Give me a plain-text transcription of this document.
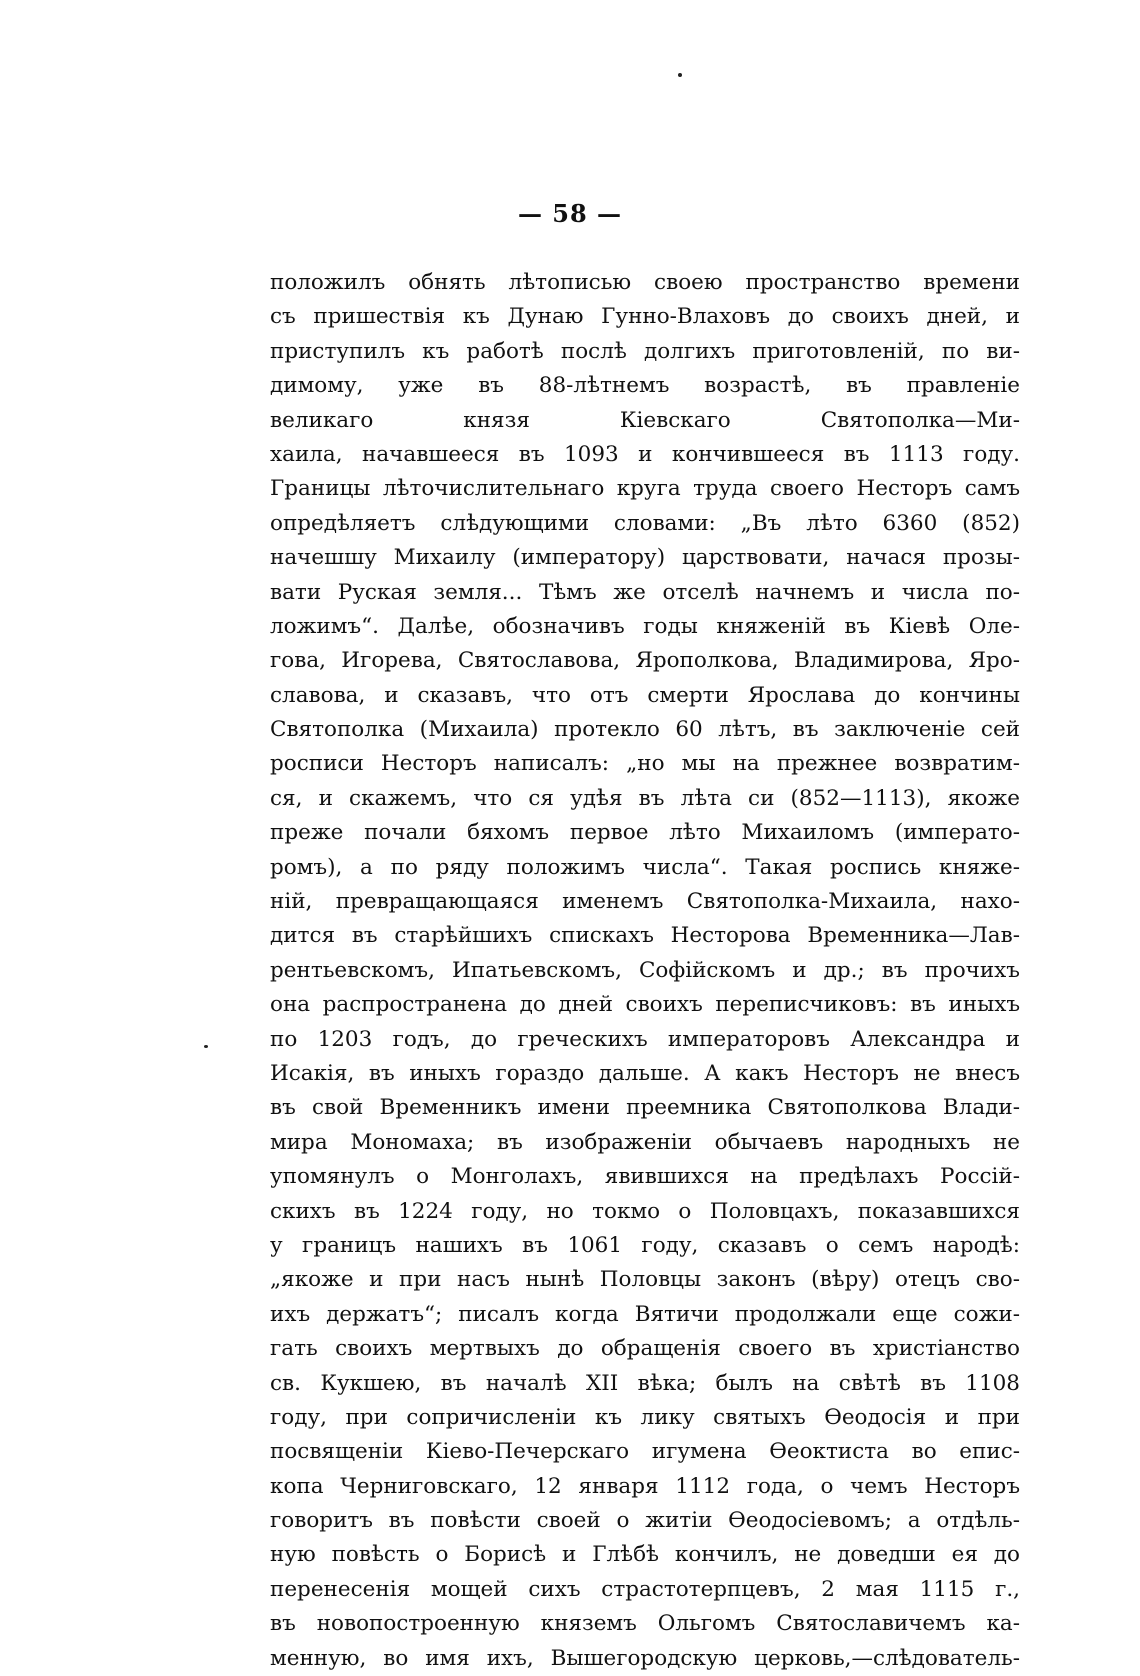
— 58 —
положилъ обнять лѣтописью своею пространство времени
съ пришествія къ Дунаю Гунно-Влаховъ до своихъ дней, и
приступилъ къ работѣ послѣ долгихъ приготовленій, по ви-
димому, уже въ 88-лѣтнемъ возрастѣ, въ правленіе
великаго князя Кіевскаго Святополка—Ми-
хаила, начавшееся въ 1093 и кончившееся въ 1113 году.
Границы лѣточислительнаго круга труда своего Несторъ самъ
опредѣляетъ слѣдующими словами: „Въ лѣто 6360 (852)
начешшу Михаилу (императору) царствовати, начася прозы-
вати Руская земля... Тѣмъ же отселѣ начнемъ и числа по-
ложимъ“. Далѣе, обозначивъ годы княженій въ Кіевѣ Оле-
гова, Игорева, Святославова, Ярополкова, Владимирова, Яро-
славова, и сказавъ, что отъ смерти Ярослава до кончины
Святополка (Михаила) протекло 60 лѣтъ, въ заключеніе сей
росписи Несторъ написалъ: „но мы на прежнее возвратим-
ся, и скажемъ, что ся удѣя въ лѣта си (852—1113), якоже
преже почали бяхомъ первое лѣто Михаиломъ (императо-
ромъ), а по ряду положимъ числа“. Такая роспись княже-
ній, превращающаяся именемъ Святополка-Михаила, нахо-
дится въ старѣйшихъ спискахъ Несторова Временника—Лав-
рентьевскомъ, Ипатьевскомъ, Софійскомъ и др.; въ прочихъ
она распространена до дней своихъ переписчиковъ: въ иныхъ
по 1203 годъ, до греческихъ императоровъ Александра и
Исакія, въ иныхъ гораздо дальше. А какъ Несторъ не внесъ
въ свой Временникъ имени преемника Святополкова Влади-
мира Мономаха; въ изображеніи обычаевъ народныхъ не
упомянулъ о Монголахъ, явившихся на предѣлахъ Россій-
скихъ въ 1224 году, но токмо о Половцахъ, показавшихся
у границъ нашихъ въ 1061 году, сказавъ о семъ народѣ:
„якоже и при насъ нынѣ Половцы законъ (вѣру) отецъ сво-
ихъ держатъ“; писалъ когда Вятичи продолжали еще сожи-
гать своихъ мертвыхъ до обращенія своего въ христіанство
св. Кукшею, въ началѣ XII вѣка; былъ на свѣтѣ въ 1108
году, при сопричисленіи къ лику святыхъ Ѳеодосія и при
посвященіи Кіево-Печерскаго игумена Ѳеоктиста во епис-
копа Черниговскаго, 12 января 1112 года, о чемъ Несторъ
говоритъ въ повѣсти своей о житіи Ѳеодосіевомъ; а отдѣль-
ную повѣсть о Борисѣ и Глѣбѣ кончилъ, не доведши ея до
перенесенія мощей сихъ страстотерпцевъ, 2 мая 1115 г.,
въ новопостроенную княземъ Ольгомъ Святославичемъ ка-
менную, во имя ихъ, Вышегородскую церковь,—слѣдователь-
